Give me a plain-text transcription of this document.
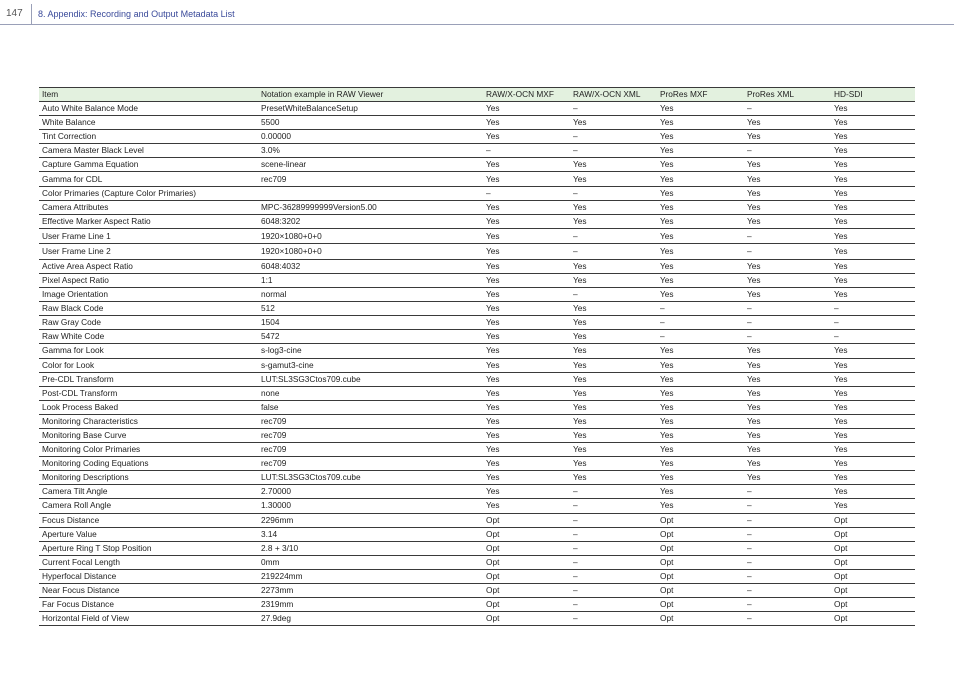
147 8. Appendix: Recording and Output Metadata List
Item	Notation example in RAW Viewer	RAW/X-OCN MXF	RAW/X-OCN XML	ProRes MXF	ProRes XML	HD-SDI
Auto White Balance Mode	PresetWhiteBalanceSetup	Yes	–	Yes	–	Yes
White Balance	5500	Yes	Yes	Yes	Yes	Yes
Tint Correction	0.00000	Yes	–	Yes	Yes	Yes
Camera Master Black Level	3.0%	–	–	Yes	–	Yes
Capture Gamma Equation	scene-linear	Yes	Yes	Yes	Yes	Yes
Gamma for CDL	rec709	Yes	Yes	Yes	Yes	Yes
Color Primaries (Capture Color Primaries)		–	–	Yes	Yes	Yes
Camera Attributes	MPC-36289999999Version5.00	Yes	Yes	Yes	Yes	Yes
Effective Marker Aspect Ratio	6048:3202	Yes	Yes	Yes	Yes	Yes
User Frame Line 1	1920×1080+0+0	Yes	–	Yes	–	Yes
User Frame Line 2	1920×1080+0+0	Yes	–	Yes	–	Yes
Active Area Aspect Ratio	6048:4032	Yes	Yes	Yes	Yes	Yes
Pixel Aspect Ratio	1:1	Yes	Yes	Yes	Yes	Yes
Image Orientation	normal	Yes	–	Yes	Yes	Yes
Raw Black Code	512	Yes	Yes	–	–	–
Raw Gray Code	1504	Yes	Yes	–	–	–
Raw White Code	5472	Yes	Yes	–	–	–
Gamma for Look	s-log3-cine	Yes	Yes	Yes	Yes	Yes
Color for Look	s-gamut3-cine	Yes	Yes	Yes	Yes	Yes
Pre-CDL Transform	LUT:SL3SG3Ctos709.cube	Yes	Yes	Yes	Yes	Yes
Post-CDL Transform	none	Yes	Yes	Yes	Yes	Yes
Look Process Baked	false	Yes	Yes	Yes	Yes	Yes
Monitoring Characteristics	rec709	Yes	Yes	Yes	Yes	Yes
Monitoring Base Curve	rec709	Yes	Yes	Yes	Yes	Yes
Monitoring Color Primaries	rec709	Yes	Yes	Yes	Yes	Yes
Monitoring Coding Equations	rec709	Yes	Yes	Yes	Yes	Yes
Monitoring Descriptions	LUT:SL3SG3Ctos709.cube	Yes	Yes	Yes	Yes	Yes
Camera Tilt Angle	2.70000	Yes	–	Yes	–	Yes
Camera Roll Angle	1.30000	Yes	–	Yes	–	Yes
Focus Distance	2296mm	Opt	–	Opt	–	Opt
Aperture Value	3.14	Opt	–	Opt	–	Opt
Aperture Ring T Stop Position	2.8 + 3/10	Opt	–	Opt	–	Opt
Current Focal Length	0mm	Opt	–	Opt	–	Opt
Hyperfocal Distance	219224mm	Opt	–	Opt	–	Opt
Near Focus Distance	2273mm	Opt	–	Opt	–	Opt
Far Focus Distance	2319mm	Opt	–	Opt	–	Opt
Horizontal Field of View	27.9deg	Opt	–	Opt	–	Opt
